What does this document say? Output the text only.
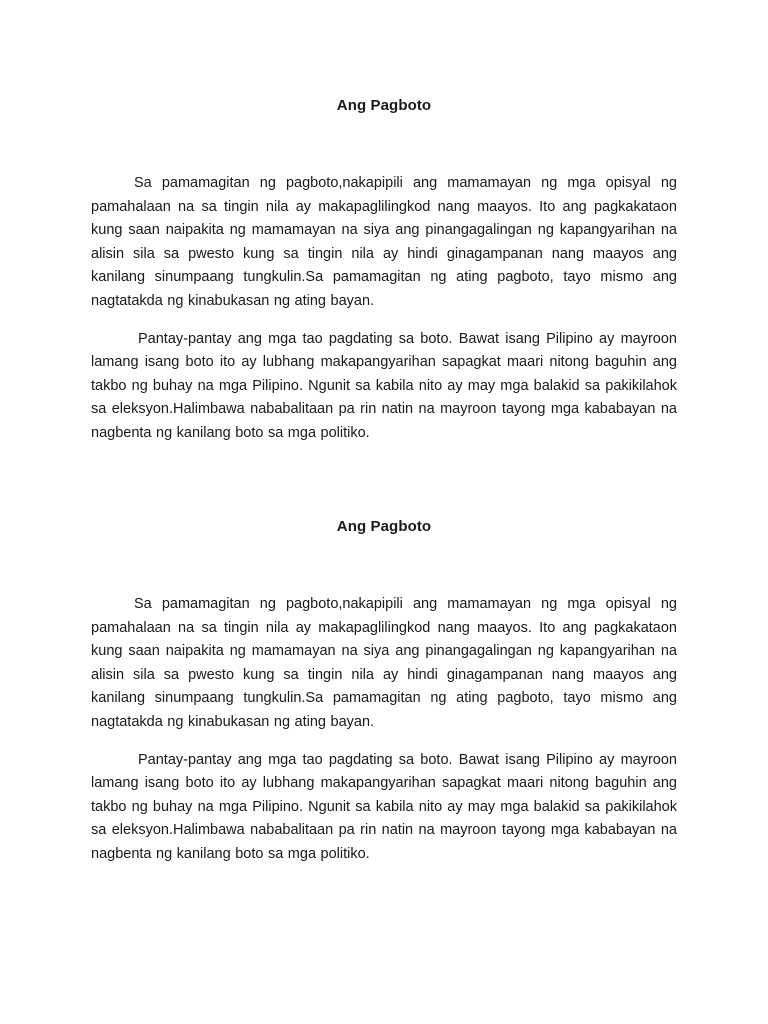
Ang Pagboto

Sa pamamagitan ng pagboto,nakapipili ang mamamayan ng mga opisyal ng pamahalaan na sa tingin nila ay makapaglilingkod nang maayos. Ito ang pagkakataon kung saan naipakita ng mamamayan na siya ang pinangagalingan ng kapangyarihan na alisin sila sa pwesto kung sa tingin nila ay hindi ginagampanan nang maayos ang kanilang sinumpaang tungkulin.Sa pamamagitan ng ating pagboto, tayo mismo ang nagtatakda ng kinabukasan ng ating bayan.

Pantay-pantay ang mga tao pagdating sa boto. Bawat isang Pilipino ay mayroon lamang isang boto ito ay lubhang makapangyarihan sapagkat maari nitong baguhin ang takbo ng buhay na mga Pilipino. Ngunit sa kabila nito ay may mga balakid sa pakikilahok sa eleksyon.Halimbawa nababalitaan pa rin natin na mayroon tayong mga kababayan na nagbenta ng kanilang boto sa mga politiko.

Ang Pagboto

Sa pamamagitan ng pagboto,nakapipili ang mamamayan ng mga opisyal ng pamahalaan na sa tingin nila ay makapaglilingkod nang maayos. Ito ang pagkakataon kung saan naipakita ng mamamayan na siya ang pinangagalingan ng kapangyarihan na alisin sila sa pwesto kung sa tingin nila ay hindi ginagampanan nang maayos ang kanilang sinumpaang tungkulin.Sa pamamagitan ng ating pagboto, tayo mismo ang nagtatakda ng kinabukasan ng ating bayan.

Pantay-pantay ang mga tao pagdating sa boto. Bawat isang Pilipino ay mayroon lamang isang boto ito ay lubhang makapangyarihan sapagkat maari nitong baguhin ang takbo ng buhay na mga Pilipino. Ngunit sa kabila nito ay may mga balakid sa pakikilahok sa eleksyon.Halimbawa nababalitaan pa rin natin na mayroon tayong mga kababayan na nagbenta ng kanilang boto sa mga politiko.
